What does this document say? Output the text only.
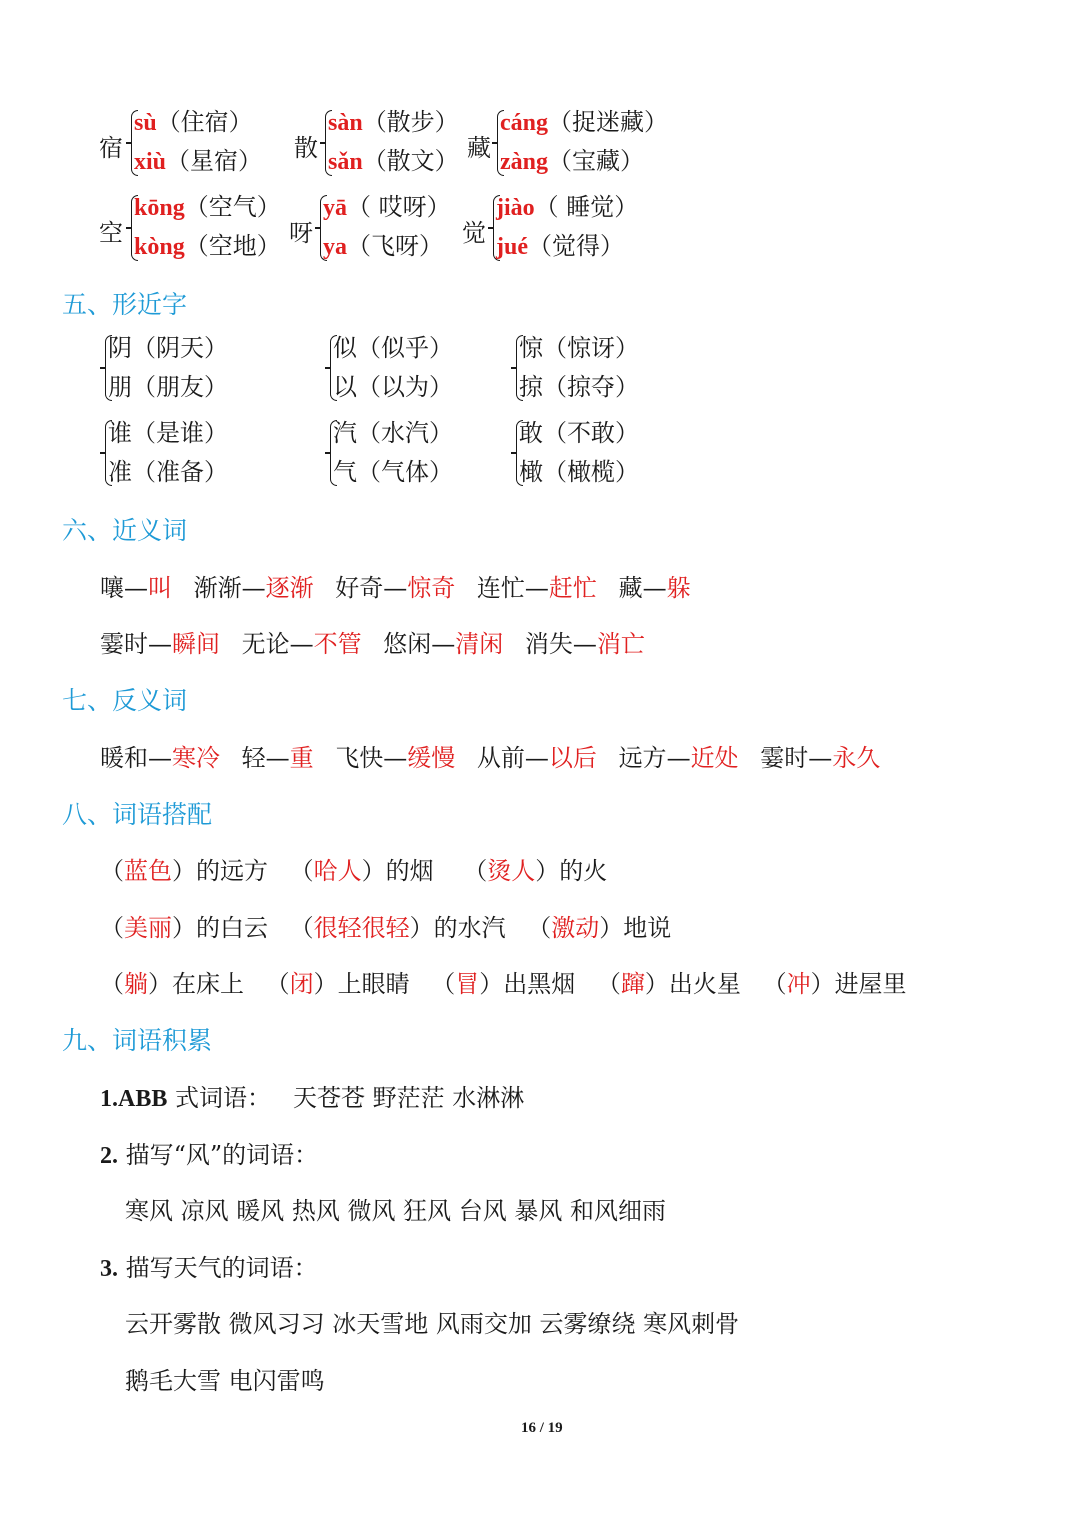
宿
sù（住宿）
xiù（星宿） 散
sàn（散步）
sǎn（散文） 藏
cáng（捉迷藏）
zàng（宝藏）
空
kōng（空气）
kòng（空地） 呀
yā（ 哎呀）
ya（飞呀） 觉
jiào（ 睡觉）
jué（觉得）
五、形近字
阴（阴天）
朋（朋友）
似（似乎）
以（以为）
惊（惊讶）
掠（掠夺）
谁（是谁）
准（准备）
汽（水汽）
气（气体）
敢（不敢）
橄（橄榄）
六、近义词
嚷—叫 渐渐—逐渐 好奇—惊奇 连忙—赶忙 藏—躲
霎时—瞬间 无论—不管 悠闲—清闲 消失—消亡
七、反义词
暖和—寒冷 轻—重 飞快—缓慢 从前—以后 远方—近处 霎时—永久
八、词语搭配
（蓝色）的远方 （哈人）的烟 （烫人）的火
（美丽）的白云 （很轻很轻）的水汽 （激动）地说
（躺）在床上 （闭）上眼睛 （冒）出黑烟 （蹿）出火星 （冲）进屋里
九、词语积累
1.ABB 式词语： 天苍苍 野茫茫 水淋淋
2. 描写“风”的词语：
寒风 凉风 暖风 热风 微风 狂风 台风 暴风 和风细雨
3. 描写天气的词语：
云开雾散 微风习习 冰天雪地 风雨交加 云雾缭绕 寒风刺骨
鹅毛大雪 电闪雷鸣
16 / 19
